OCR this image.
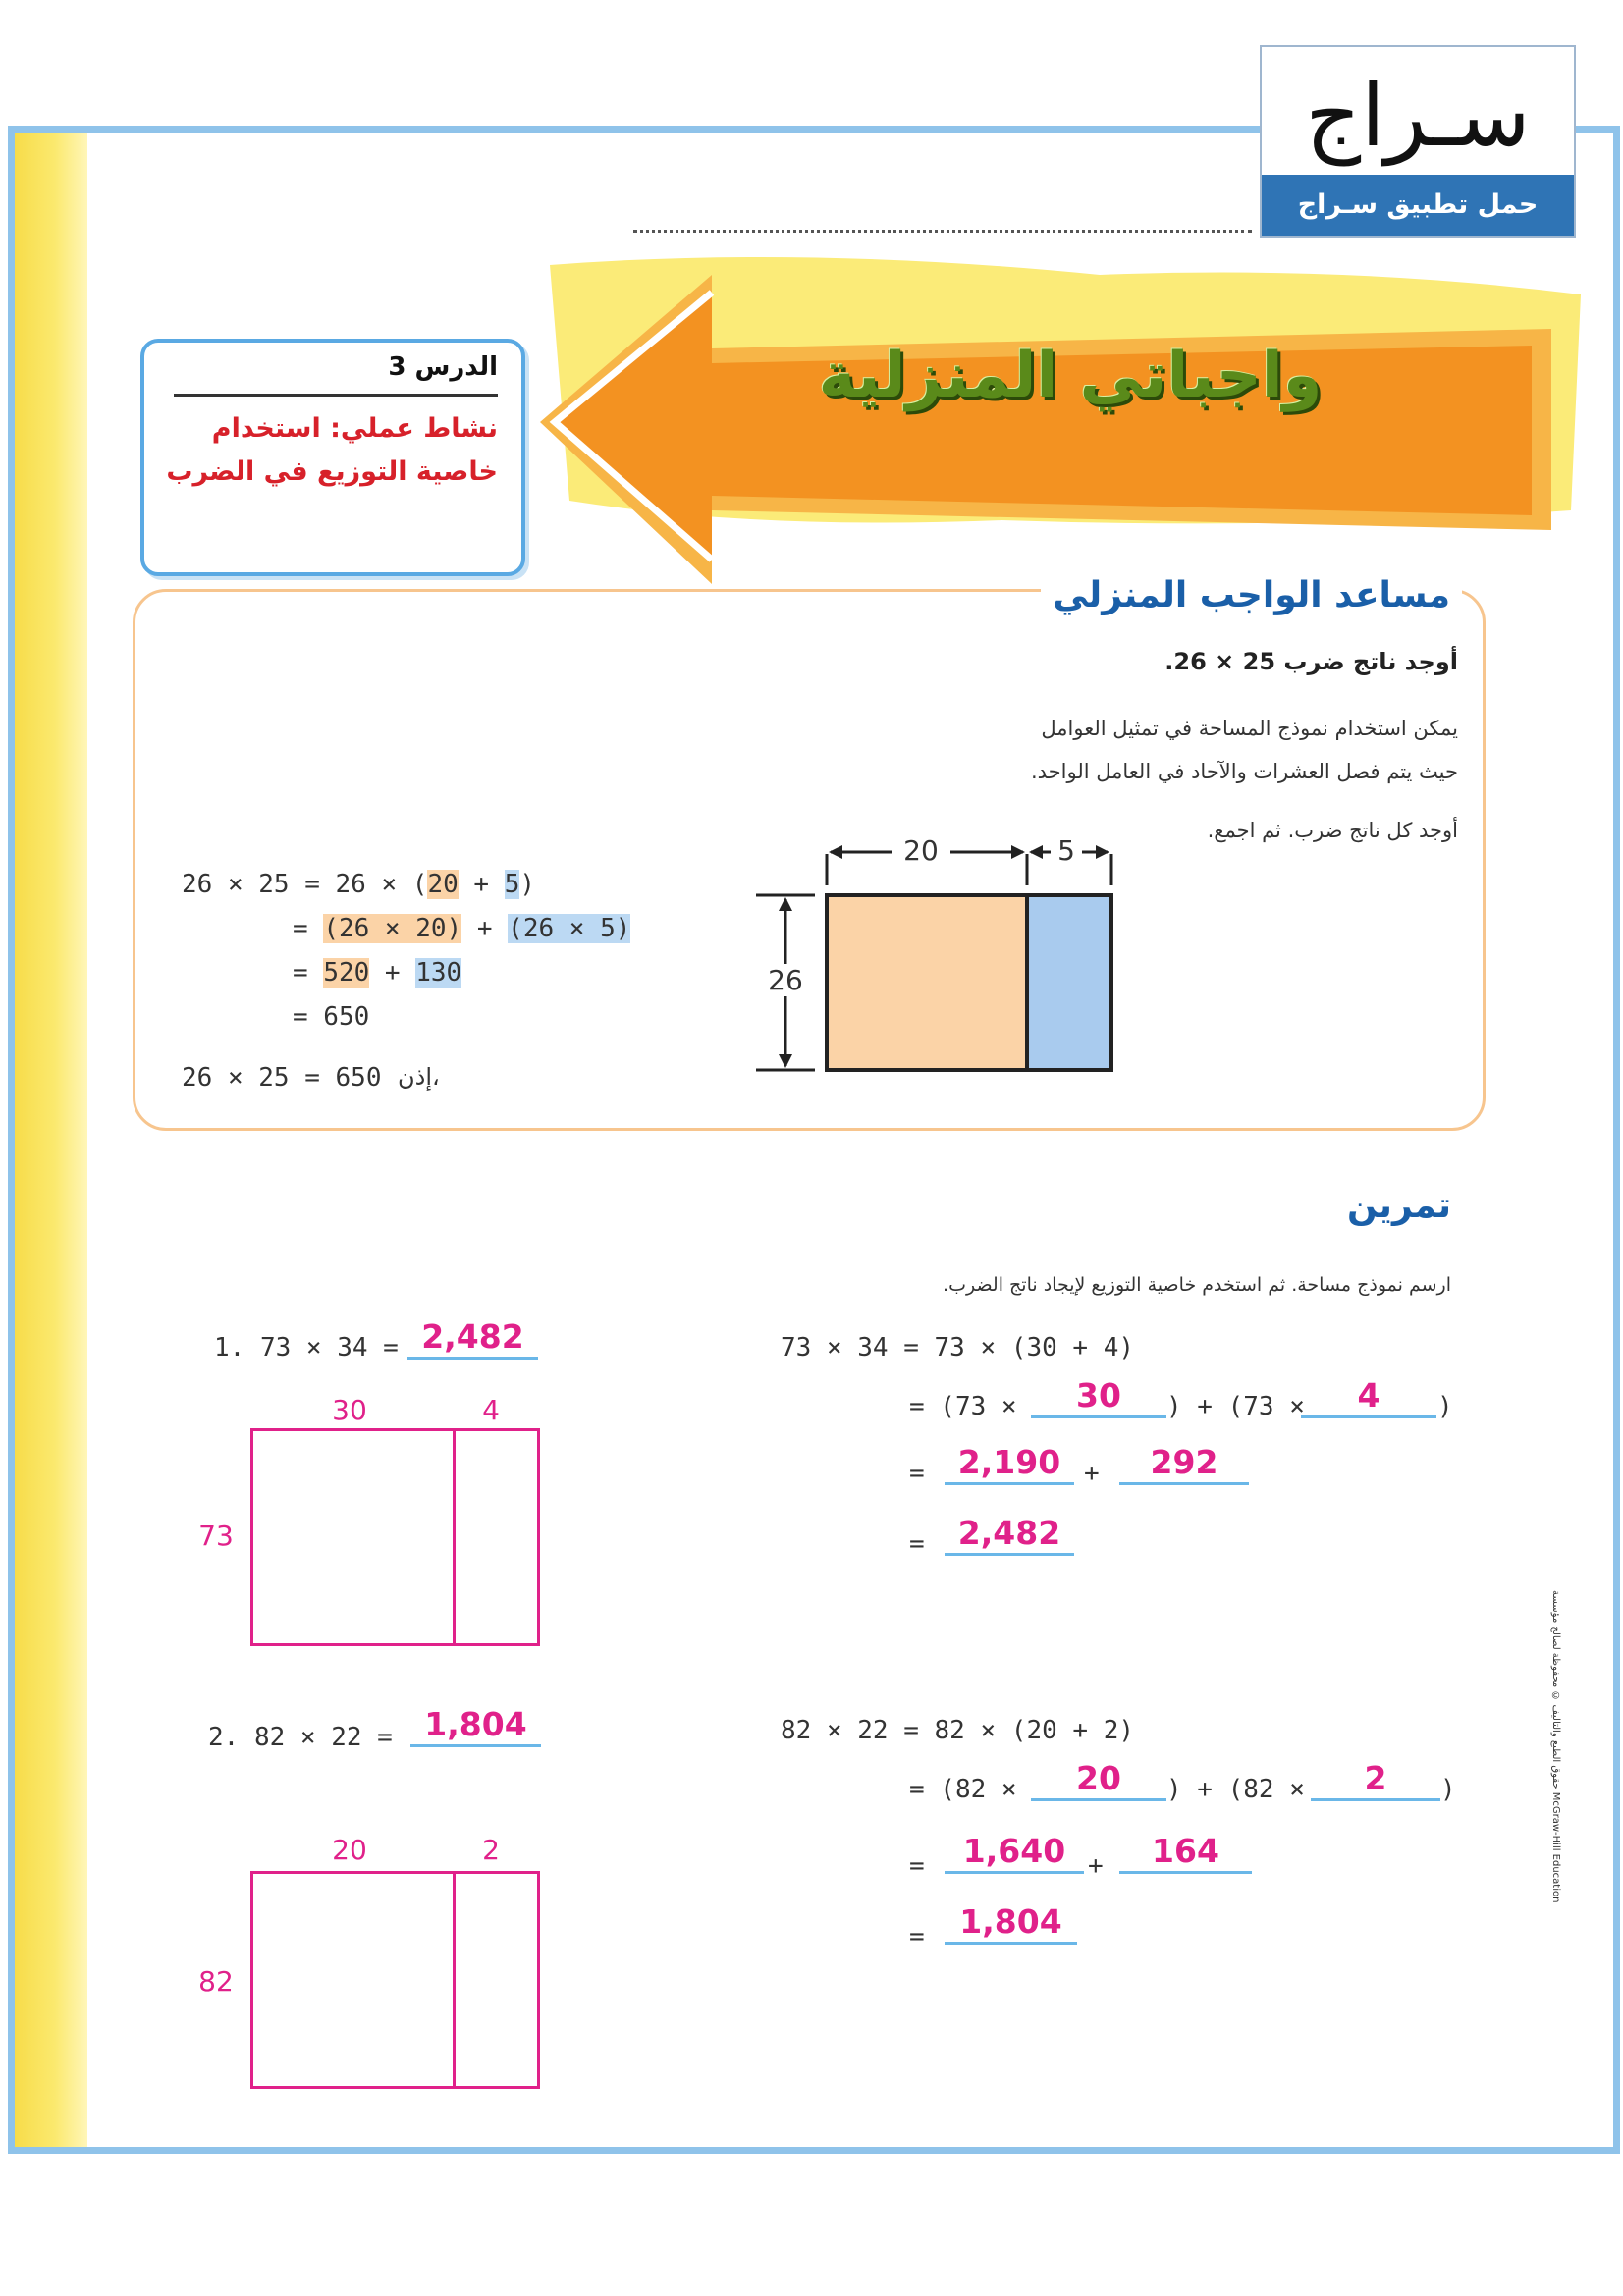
سـراج
حمل تطبيق سـراج
واجباتي المنزلية
الدرس 3
نشاط عملي: استخدام خاصية التوزيع في الضرب
مساعد الواجب المنزلي
أوجد ناتج ضرب 25 × 26.
يمكن استخدام نموذج المساحة في تمثيل العوامل
حيث يتم فصل العشرات والآحاد في العامل الواحد.
أوجد كل ناتج ضرب. ثم اجمع.
20	5
26
26 × 25 = 26 × (20 + 5)
= (26 × 20) + (26 × 5)
= 520 + 130
= 650
26 × 25 = 650 إذن،
تمرين
ارسم نموذج مساحة. ثم استخدم خاصية التوزيع لإيجاد ناتج الضرب.
1. 73 × 34 = 2,482
30	4
73
73 × 34 = 73 × (30 + 4)
= (73 ×	30	) + (73 ×	4	)
=	2,190 +	292
=	2,482
2. 82 × 22 = 1,804
20	2
82
82 × 22 = 82 × (20 + 2)
= (82 ×	20	) + (82 ×	2	)
=	1,640 +	164
=	1,804
حقوق الطبع والتأليف © محفوظة لصالح مؤسسة McGraw-Hill Education
